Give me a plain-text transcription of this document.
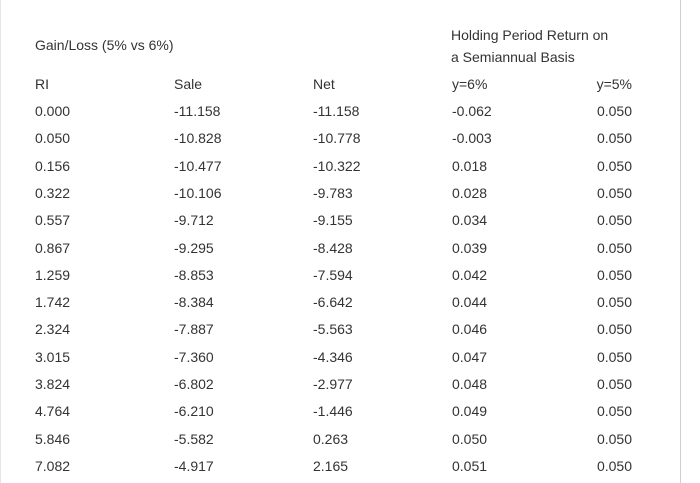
Gain/Loss (5% vs 6%)
Holding Period Return on
a Semiannual Basis
RI	Sale	Net	y=6%	y=5%
0.000	-11.158	-11.158	-0.062	0.050
0.050	-10.828	-10.778	-0.003	0.050
0.156	-10.477	-10.322	0.018	0.050
0.322	-10.106	-9.783	0.028	0.050
0.557	-9.712	-9.155	0.034	0.050
0.867	-9.295	-8.428	0.039	0.050
1.259	-8.853	-7.594	0.042	0.050
1.742	-8.384	-6.642	0.044	0.050
2.324	-7.887	-5.563	0.046	0.050
3.015	-7.360	-4.346	0.047	0.050
3.824	-6.802	-2.977	0.048	0.050
4.764	-6.210	-1.446	0.049	0.050
5.846	-5.582	0.263	0.050	0.050
7.082	-4.917	2.165	0.051	0.050
